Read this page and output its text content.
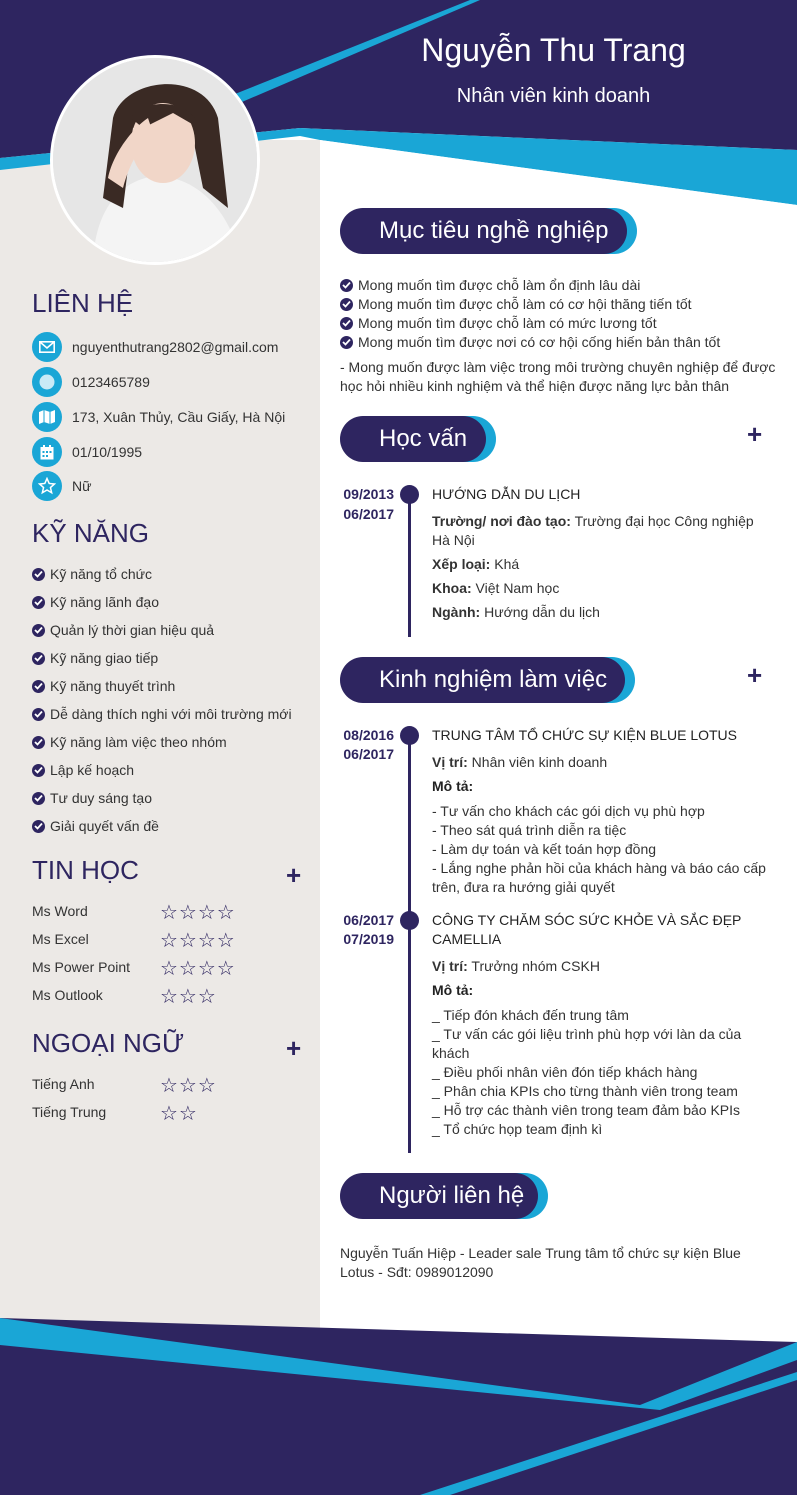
Nguyễn Thu Trang
Nhân viên kinh doanh
LIÊN HỆ
nguyenthutrang2802@gmail.com
0123465789
173, Xuân Thủy, Cầu Giấy, Hà Nội
01/10/1995
Nữ
KỸ NĂNG
Kỹ năng tổ chức
Kỹ năng lãnh đạo
Quản lý thời gian hiệu quả
Kỹ năng giao tiếp
Kỹ năng thuyết trình
Dễ dàng thích nghi với môi trường mới
Kỹ năng làm việc theo nhóm
Lập kế hoạch
Tư duy sáng tạo
Giải quyết vấn đề
TIN HỌC	+
Ms Word	☆☆☆☆
Ms Excel	☆☆☆☆
Ms Power Point ☆☆☆☆
Ms Outlook	☆☆☆
NGOẠI NGỮ	+
Tiếng Anh	☆☆☆
Tiếng Trung	☆☆
Mục tiêu nghề nghiệp
Mong muốn tìm được chỗ làm ổn định lâu dài
Mong muốn tìm được chỗ làm có cơ hội thăng tiến tốt
Mong muốn tìm được chỗ làm có mức lương tốt
Mong muốn tìm được nơi có cơ hội cống hiến bản thân tốt
- Mong muốn được làm việc trong môi trường chuyên nghiệp để được học hỏi nhiều kinh nghiệm và thể hiện được năng lực bản thân
Học vấn	+
09/2013
06/2017
HƯỚNG DẪN DU LỊCH
Trường/ nơi đào tạo: Trường đại học Công nghiệp Hà Nội
Xếp loại: Khá
Khoa: Việt Nam học
Ngành: Hướng dẫn du lịch
Kinh nghiệm làm việc	+
08/2016
06/2017
TRUNG TÂM TỔ CHỨC SỰ KIỆN BLUE LOTUS
Vị trí: Nhân viên kinh doanh
Mô tả:
- Tư vấn cho khách các gói dịch vụ phù hợp
- Theo sát quá trình diễn ra tiệc
- Làm dự toán và kết toán hợp đồng
- Lắng nghe phản hồi của khách hàng và báo cáo cấp trên, đưa ra hướng giải quyết
06/2017
07/2019
CÔNG TY CHĂM SÓC SỨC KHỎE VÀ SẮC ĐẸP CAMELLIA
Vị trí: Trưởng nhóm CSKH
Mô tả:
_ Tiếp đón khách đến trung tâm
_ Tư vấn các gói liệu trình phù hợp với làn da của khách
_ Điều phối nhân viên đón tiếp khách hàng
_ Phân chia KPIs cho từng thành viên trong team
_ Hỗ trợ các thành viên trong team đảm bảo KPIs
_ Tổ chức họp team định kì
Người liên hệ
Nguyễn Tuấn Hiệp - Leader sale Trung tâm tổ chức sự kiện Blue Lotus - Sđt: 0989012090
